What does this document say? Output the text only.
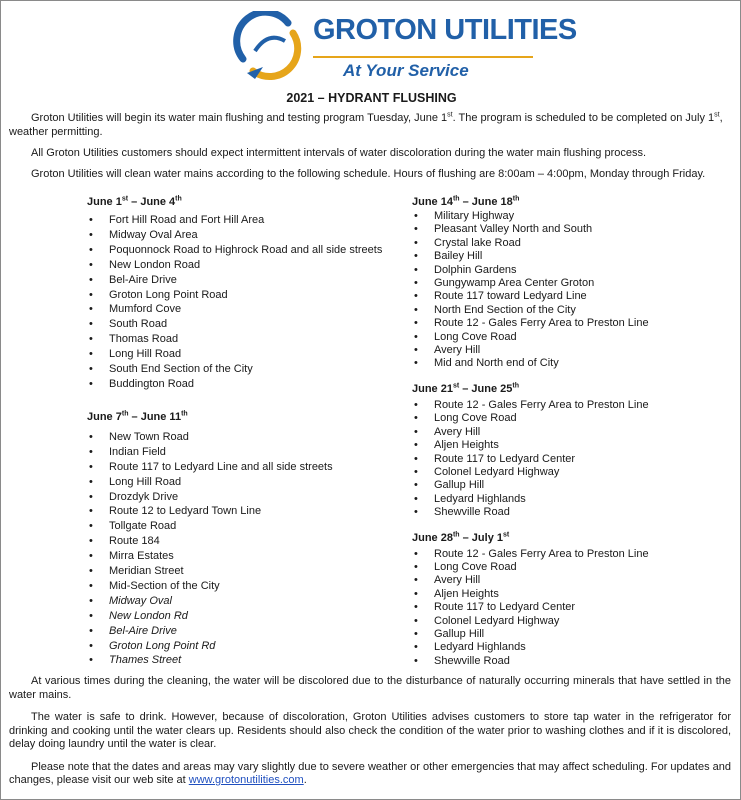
GROTON UTILITIES
At Your Service
2021 – HYDRANT FLUSHING

Groton Utilities will begin its water main flushing and testing program Tuesday, June 1st. The program is scheduled to be completed on July 1st, weather permitting.

All Groton Utilities customers should expect intermittent intervals of water discoloration during the water main flushing process.

Groton Utilities will clean water mains according to the following schedule. Hours of flushing are 8:00am – 4:00pm, Monday through Friday.

June 1st – June 4th
• Fort Hill Road and Fort Hill Area
• Midway Oval Area
• Poquonnock Road to Highrock Road and all side streets
• New London Road
• Bel-Aire Drive
• Groton Long Point Road
• Mumford Cove
• South Road
• Thomas Road
• Long Hill Road
• South End Section of the City
• Buddington Road
June 7th – June 11th
• New Town Road
• Indian Field
• Route 117 to Ledyard Line and all side streets
• Long Hill Road
• Drozdyk Drive
• Route 12 to Ledyard Town Line
• Tollgate Road
• Route 184
• Mirra Estates
• Meridian Street
• Mid-Section of the City
• Midway Oval
• New London Rd
• Bel-Aire Drive
• Groton Long Point Rd
• Thames Street
June 14th – June 18th
• Military Highway
• Pleasant Valley North and South
• Crystal lake Road
• Bailey Hill
• Dolphin Gardens
• Gungywamp Area Center Groton
• Route 117 toward Ledyard Line
• North End Section of the City
• Route 12 - Gales Ferry Area to Preston Line
• Long Cove Road
• Avery Hill
• Mid and North end of City
June 21st – June 25th
• Route 12 - Gales Ferry Area to Preston Line
• Long Cove Road
• Avery Hill
• Aljen Heights
• Route 117 to Ledyard Center
• Colonel Ledyard Highway
• Gallup Hill
• Ledyard Highlands
• Shewville Road
June 28th – July 1st
• Route 12 - Gales Ferry Area to Preston Line
• Long Cove Road
• Avery Hill
• Aljen Heights
• Route 117 to Ledyard Center
• Colonel Ledyard Highway
• Gallup Hill
• Ledyard Highlands
• Shewville Road

At various times during the cleaning, the water will be discolored due to the disturbance of naturally occurring minerals that have settled in the water mains.

The water is safe to drink. However, because of discoloration, Groton Utilities advises customers to store tap water in the refrigerator for drinking and cooking until the water clears up. Residents should also check the condition of the water prior to washing clothes and if it is discolored, delay doing laundry until the water is clear.

Please note that the dates and areas may vary slightly due to severe weather or other emergencies that may affect scheduling. For updates and changes, please visit our web site at www.grotonutilities.com.
